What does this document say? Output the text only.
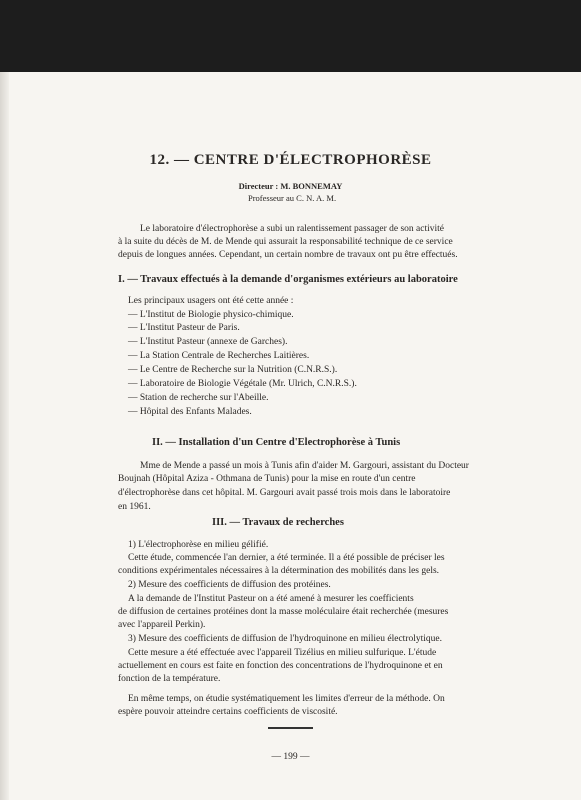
12. — CENTRE D'ÉLECTROPHORÈSE
Directeur : M. BONNEMAY
Professeur au C. N. A. M.
Le laboratoire d'électrophorèse a subi un ralentissement passager de son activité
à la suite du décès de M. de Mende qui assurait la responsabilité technique de ce service
depuis de longues années. Cependant, un certain nombre de travaux ont pu être effectués.
I. — Travaux effectués à la demande d'organismes extérieurs au laboratoire
Les principaux usagers ont été cette année :
— L'Institut de Biologie physico-chimique.
— L'Institut Pasteur de Paris.
— L'Institut Pasteur (annexe de Garches).
— La Station Centrale de Recherches Laitières.
— Le Centre de Recherche sur la Nutrition (C.N.R.S.).
— Laboratoire de Biologie Végétale (Mr. Ulrich, C.N.R.S.).
— Station de recherche sur l'Abeille.
— Hôpital des Enfants Malades.
II. — Installation d'un Centre d'Electrophorèse à Tunis
Mme de Mende a passé un mois à Tunis afin d'aider M. Gargouri, assistant du Docteur
Boujnah (Hôpital Aziza - Othmana de Tunis) pour la mise en route d'un centre
d'électrophorèse dans cet hôpital. M. Gargouri avait passé trois mois dans le laboratoire
en 1961.
III. — Travaux de recherches
1) L'électrophorèse en milieu gélifié.
Cette étude, commencée l'an dernier, a été terminée. Il a été possible de préciser les
conditions expérimentales nécessaires à la détermination des mobilités dans les gels.
2) Mesure des coefficients de diffusion des protéines.
A la demande de l'Institut Pasteur on a été amené à mesurer les coefficients
de diffusion de certaines protéines dont la masse moléculaire était recherchée (mesures
avec l'appareil Perkin).
3) Mesure des coefficients de diffusion de l'hydroquinone en milieu électrolytique.
Cette mesure a été effectuée avec l'appareil Tizélius en milieu sulfurique. L'étude
actuellement en cours est faite en fonction des concentrations de l'hydroquinone et en
fonction de la température.
En même temps, on étudie systématiquement les limites d'erreur de la méthode. On
espère pouvoir atteindre certains coefficients de viscosité.
— 199 —
